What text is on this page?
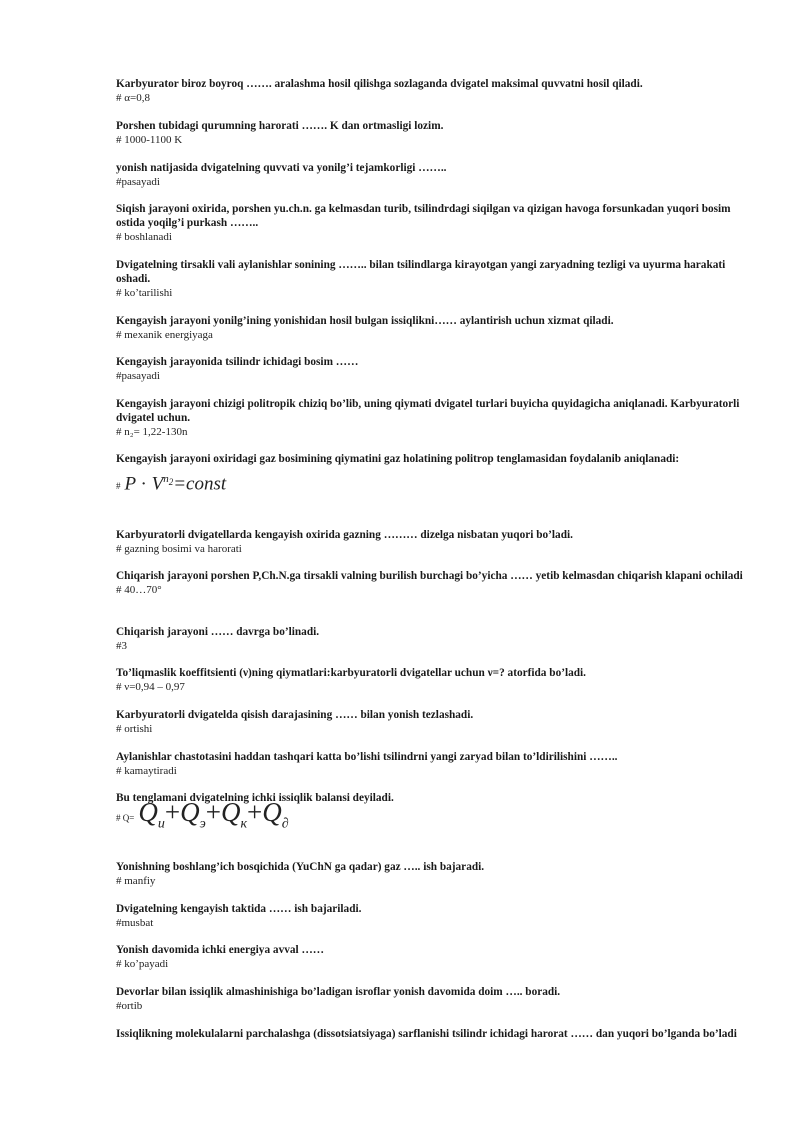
Karbyurator biroz boyroq ……. aralashma hosil qilishga sozlaganda dvigatel maksimal quvvatni hosil qiladi.

# α=0,8

Porshen tubidagi qurumning harorati ……. K dan ortmasligi lozim.

# 1000-1100 K

yonish natijasida dvigatelning quvvati va yonilg’i tejamkorligi ……..

#pasayadi

Siqish jarayoni oxirida, porshen yu.ch.n. ga kelmasdan turib, tsilindrdagi siqilgan va qizigan havoga forsunkadan yuqori bosim ostida yoqilg’i purkash ……..

# boshlanadi

Dvigatelning tirsakli vali aylanishlar sonining …….. bilan tsilindlarga kirayotgan yangi zaryadning tezligi va uyurma harakati oshadi.

# ko’tarilishi

Kengayish jarayoni yonilg’ining yonishidan hosil bulgan issiqlikni…… aylantirish uchun xizmat qiladi.

# mexanik energiyaga

Kengayish jarayonida tsilindr ichidagi bosim ……

#pasayadi

Kengayish jarayoni chizigi politropik chiziq bo’lib, uning qiymati dvigatel turlari buyicha quyidagicha aniqlanadi. Karbyuratorli dvigatel uchun.

# n₂= 1,22-130n

Kengayish jarayoni oxiridagi gaz bosimining qiymatini gaz holatining politrop tenglamasidan foydalanib aniqlanadi:

# $P \cdot V^{n_2}=const$

Karbyuratorli dvigatellarda kengayish oxirida gazning ……… dizelga nisbatan yuqori bo’ladi.

# gazning bosimi va harorati

Chiqarish jarayoni porshen P,Ch.N.ga tirsakli valning burilish burchagi bo’yicha …… yetib kelmasdan chiqarish klapani ochiladi

# 40…70°

Chiqarish jarayoni …… davrga bo’linadi.

#3

To’liqmaslik koeffitsienti (ν)ning qiymatlari:karbyuratorli dvigatellar uchun ν=? atorfida bo’ladi.

# ν=0,94 – 0,97

Karbyuratorli dvigatelda qisish darajasining …… bilan yonish tezlashadi.

# ortishi

Aylanishlar chastotasini haddan tashqari katta bo’lishi tsilindrni yangi zaryad bilan to’ldirilishini ……..

# kamaytiradi

Bu tenglamani dvigatelning ichki issiqlik balansi deyiladi.

# $Q= Q_и+Q_э+Q_к+Q_\partial$

Yonishning boshlang’ich bosqichida (YuChN ga qadar) gaz ….. ish bajaradi.

# manfiy

Dvigatelning kengayish taktida …… ish bajariladi.

#musbat

Yonish davomida ichki energiya avval ……

# ko’payadi

Devorlar bilan issiqlik almashinishiga bo’ladigan isroflar yonish davomida doim ….. boradi.

#ortib

Issiqlikning molekulalarni parchalashga (dissotsiatsiyaga) sarflanishi tsilindr ichidagi harorat …… dan yuqori bo’lganda bo’ladi
